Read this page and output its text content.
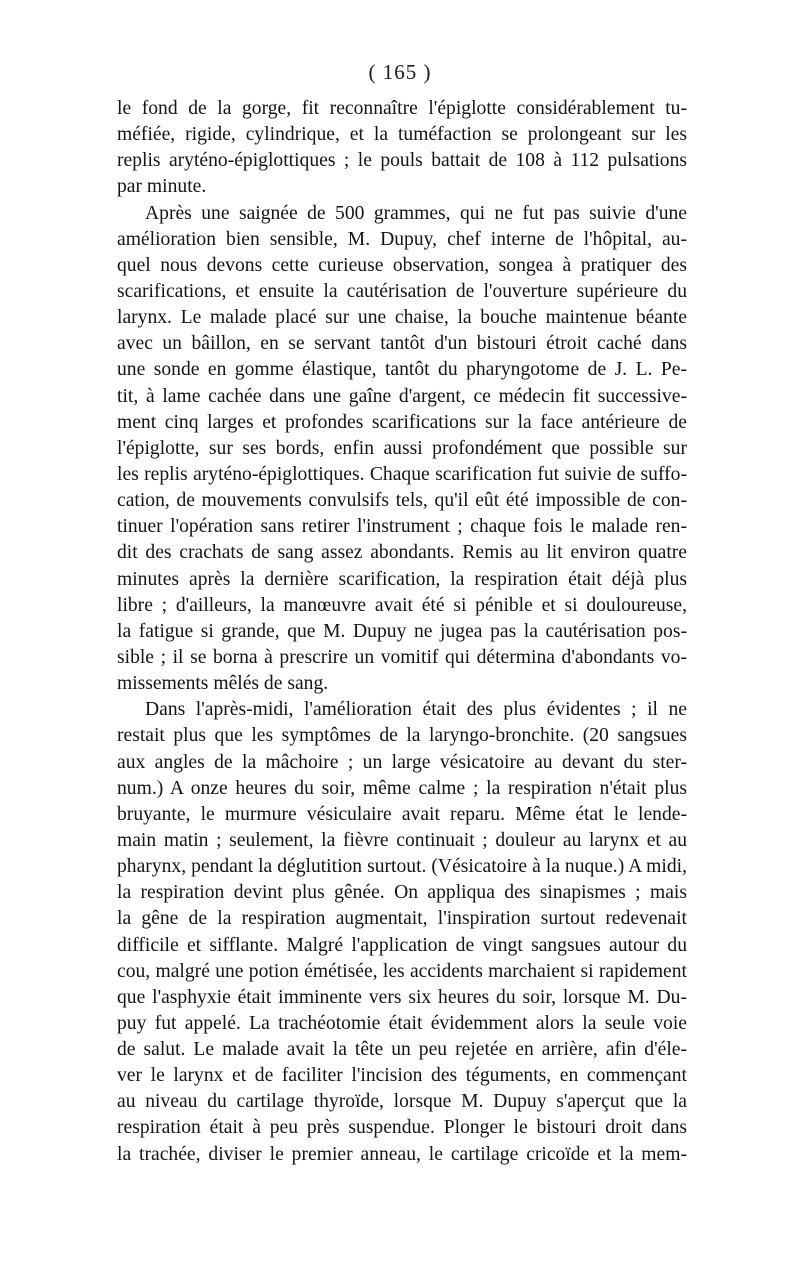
( 165 )
le fond de la gorge, fit reconnaître l'épiglotte considérablement tu-
méfiée, rigide, cylindrique, et la tuméfaction se prolongeant sur les
replis aryténo-épiglottiques ; le pouls battait de 108 à 112 pulsations
par minute.
Après une saignée de 500 grammes, qui ne fut pas suivie d'une
amélioration bien sensible, M. Dupuy, chef interne de l'hôpital, au-
quel nous devons cette curieuse observation, songea à pratiquer des
scarifications, et ensuite la cautérisation de l'ouverture supérieure du
larynx. Le malade placé sur une chaise, la bouche maintenue béante
avec un bâillon, en se servant tantôt d'un bistouri étroit caché dans
une sonde en gomme élastique, tantôt du pharyngotome de J. L. Pe-
tit, à lame cachée dans une gaîne d'argent, ce médecin fit successive-
ment cinq larges et profondes scarifications sur la face antérieure de
l'épiglotte, sur ses bords, enfin aussi profondément que possible sur
les replis aryténo-épiglottiques. Chaque scarification fut suivie de suffo-
cation, de mouvements convulsifs tels, qu'il eût été impossible de con-
tinuer l'opération sans retirer l'instrument ; chaque fois le malade ren-
dit des crachats de sang assez abondants. Remis au lit environ quatre
minutes après la dernière scarification, la respiration était déjà plus
libre ; d'ailleurs, la manœuvre avait été si pénible et si douloureuse,
la fatigue si grande, que M. Dupuy ne jugea pas la cautérisation pos-
sible ; il se borna à prescrire un vomitif qui détermina d'abondants vo-
missements mêlés de sang.
Dans l'après-midi, l'amélioration était des plus évidentes ; il ne
restait plus que les symptômes de la laryngo-bronchite. (20 sangsues
aux angles de la mâchoire ; un large vésicatoire au devant du ster-
num.) A onze heures du soir, même calme ; la respiration n'était plus
bruyante, le murmure vésiculaire avait reparu. Même état le lende-
main matin ; seulement, la fièvre continuait ; douleur au larynx et au
pharynx, pendant la déglutition surtout. (Vésicatoire à la nuque.) A midi,
la respiration devint plus gênée. On appliqua des sinapismes ; mais
la gêne de la respiration augmentait, l'inspiration surtout redevenait
difficile et sifflante. Malgré l'application de vingt sangsues autour du
cou, malgré une potion émétisée, les accidents marchaient si rapidement
que l'asphyxie était imminente vers six heures du soir, lorsque M. Du-
puy fut appelé. La trachéotomie était évidemment alors la seule voie
de salut. Le malade avait la tête un peu rejetée en arrière, afin d'éle-
ver le larynx et de faciliter l'incision des téguments, en commençant
au niveau du cartilage thyroïde, lorsque M. Dupuy s'aperçut que la
respiration était à peu près suspendue. Plonger le bistouri droit dans
la trachée, diviser le premier anneau, le cartilage cricoïde et la mem-
